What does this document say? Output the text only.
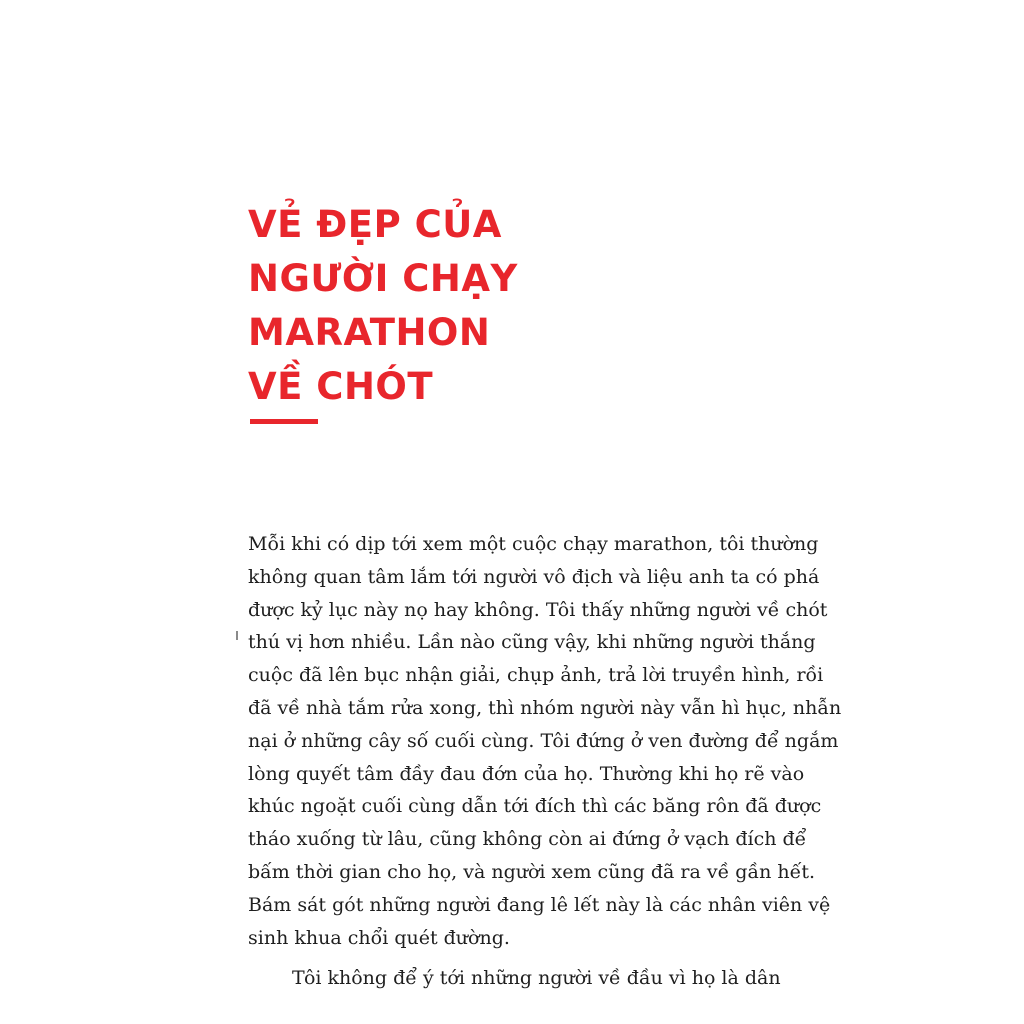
VẺ ĐẸP CỦA
NGƯỜI CHẠY
MARATHON
VỀ CHÓT
Mỗi khi có dịp tới xem một cuộc chạy marathon, tôi thường
không quan tâm lắm tới người vô địch và liệu anh ta có phá
được kỷ lục này nọ hay không. Tôi thấy những người về chót
thú vị hơn nhiều. Lần nào cũng vậy, khi những người thắng
cuộc đã lên bục nhận giải, chụp ảnh, trả lời truyền hình, rồi
đã về nhà tắm rửa xong, thì nhóm người này vẫn hì hục, nhẫn
nại ở những cây số cuối cùng. Tôi đứng ở ven đường để ngắm
lòng quyết tâm đầy đau đớn của họ. Thường khi họ rẽ vào
khúc ngoặt cuối cùng dẫn tới đích thì các băng rôn đã được
tháo xuống từ lâu, cũng không còn ai đứng ở vạch đích để
bấm thời gian cho họ, và người xem cũng đã ra về gần hết.
Bám sát gót những người đang lê lết này là các nhân viên vệ
sinh khua chổi quét đường.
Tôi không để ý tới những người về đầu vì họ là dân
